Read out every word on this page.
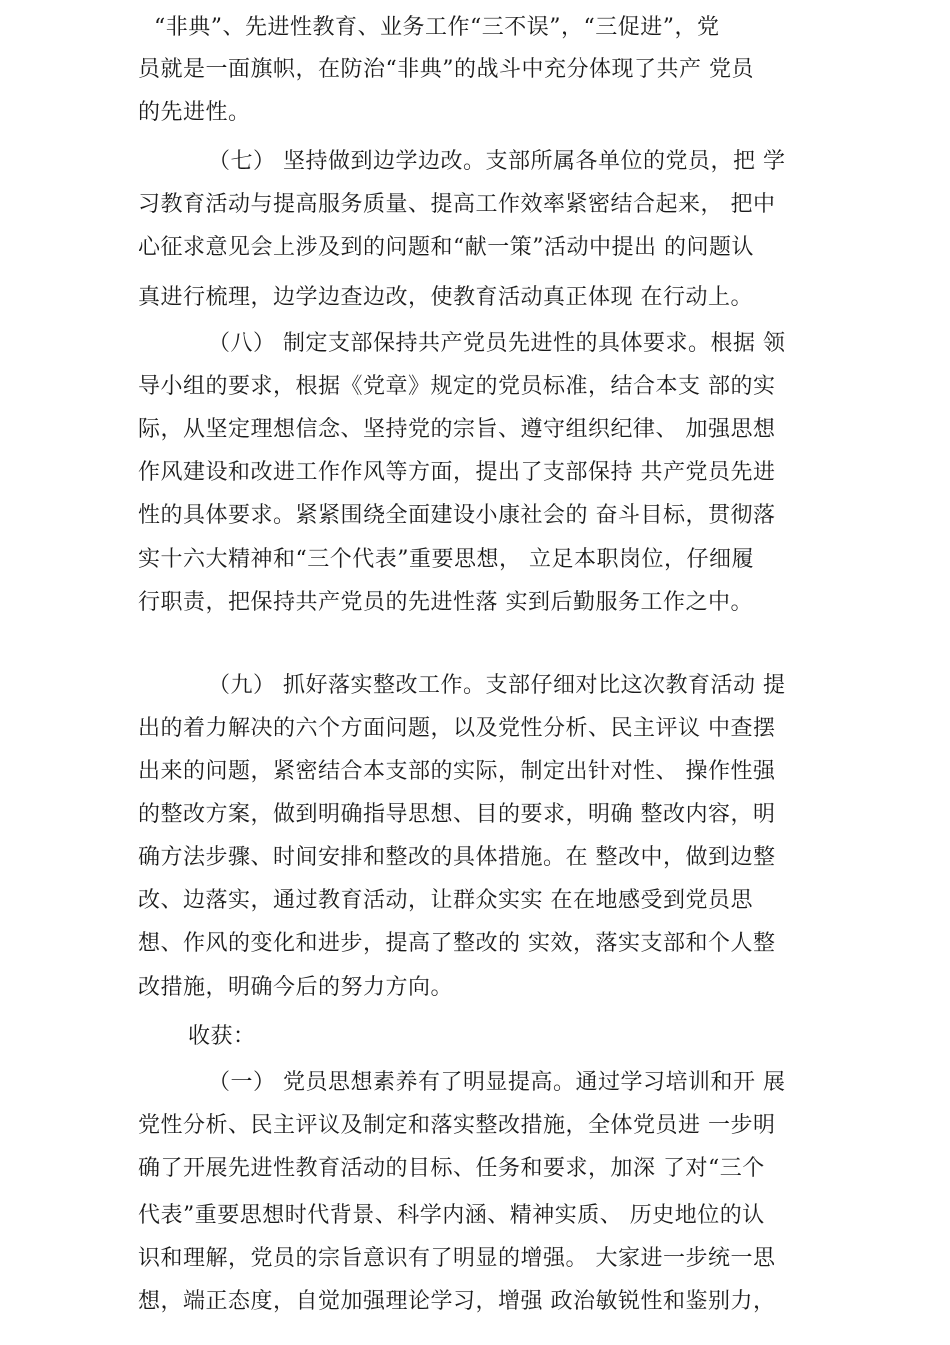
“非典”、先进性教育、业务工作“三不误”，“三促进”，党
员就是一面旗帜，在防治“非典”的战斗中充分体现了共产 党员
的先进性。
（七） 坚持做到边学边改。支部所属各单位的党员，把 学
习教育活动与提高服务质量、提高工作效率紧密结合起来， 把中
心征求意见会上涉及到的问题和“献一策”活动中提出 的问题认
真进行梳理，边学边查边改，使教育活动真正体现 在行动上。
（八） 制定支部保持共产党员先进性的具体要求。根据 领
导小组的要求，根据《党章》规定的党员标准，结合本支 部的实
际，从坚定理想信念、坚持党的宗旨、遵守组织纪律、 加强思想
作风建设和改进工作作风等方面，提出了支部保持 共产党员先进
性的具体要求。紧紧围绕全面建设小康社会的 奋斗目标，贯彻落
实十六大精神和“三个代表”重要思想， 立足本职岗位，仔细履
行职责，把保持共产党员的先进性落 实到后勤服务工作之中。
（九） 抓好落实整改工作。支部仔细对比这次教育活动 提
出的着力解决的六个方面问题，以及党性分析、民主评议 中查摆
出来的问题，紧密结合本支部的实际，制定出针对性、 操作性强
的整改方案，做到明确指导思想、目的要求，明确 整改内容，明
确方法步骤、时间安排和整改的具体措施。在 整改中，做到边整
改、边落实，通过教育活动，让群众实实 在在地感受到党员思
想、作风的变化和进步，提高了整改的 实效，落实支部和个人整
改措施，明确今后的努力方向。
收获：
（一） 党员思想素养有了明显提高。通过学习培训和开 展
党性分析、民主评议及制定和落实整改措施，全体党员进 一步明
确了开展先进性教育活动的目标、任务和要求，加深 了对“三个
代表”重要思想时代背景、科学内涵、精神实质、 历史地位的认
识和理解，党员的宗旨意识有了明显的增强。 大家进一步统一思
想，端正态度，自觉加强理论学习，增强 政治敏锐性和鉴别力，
